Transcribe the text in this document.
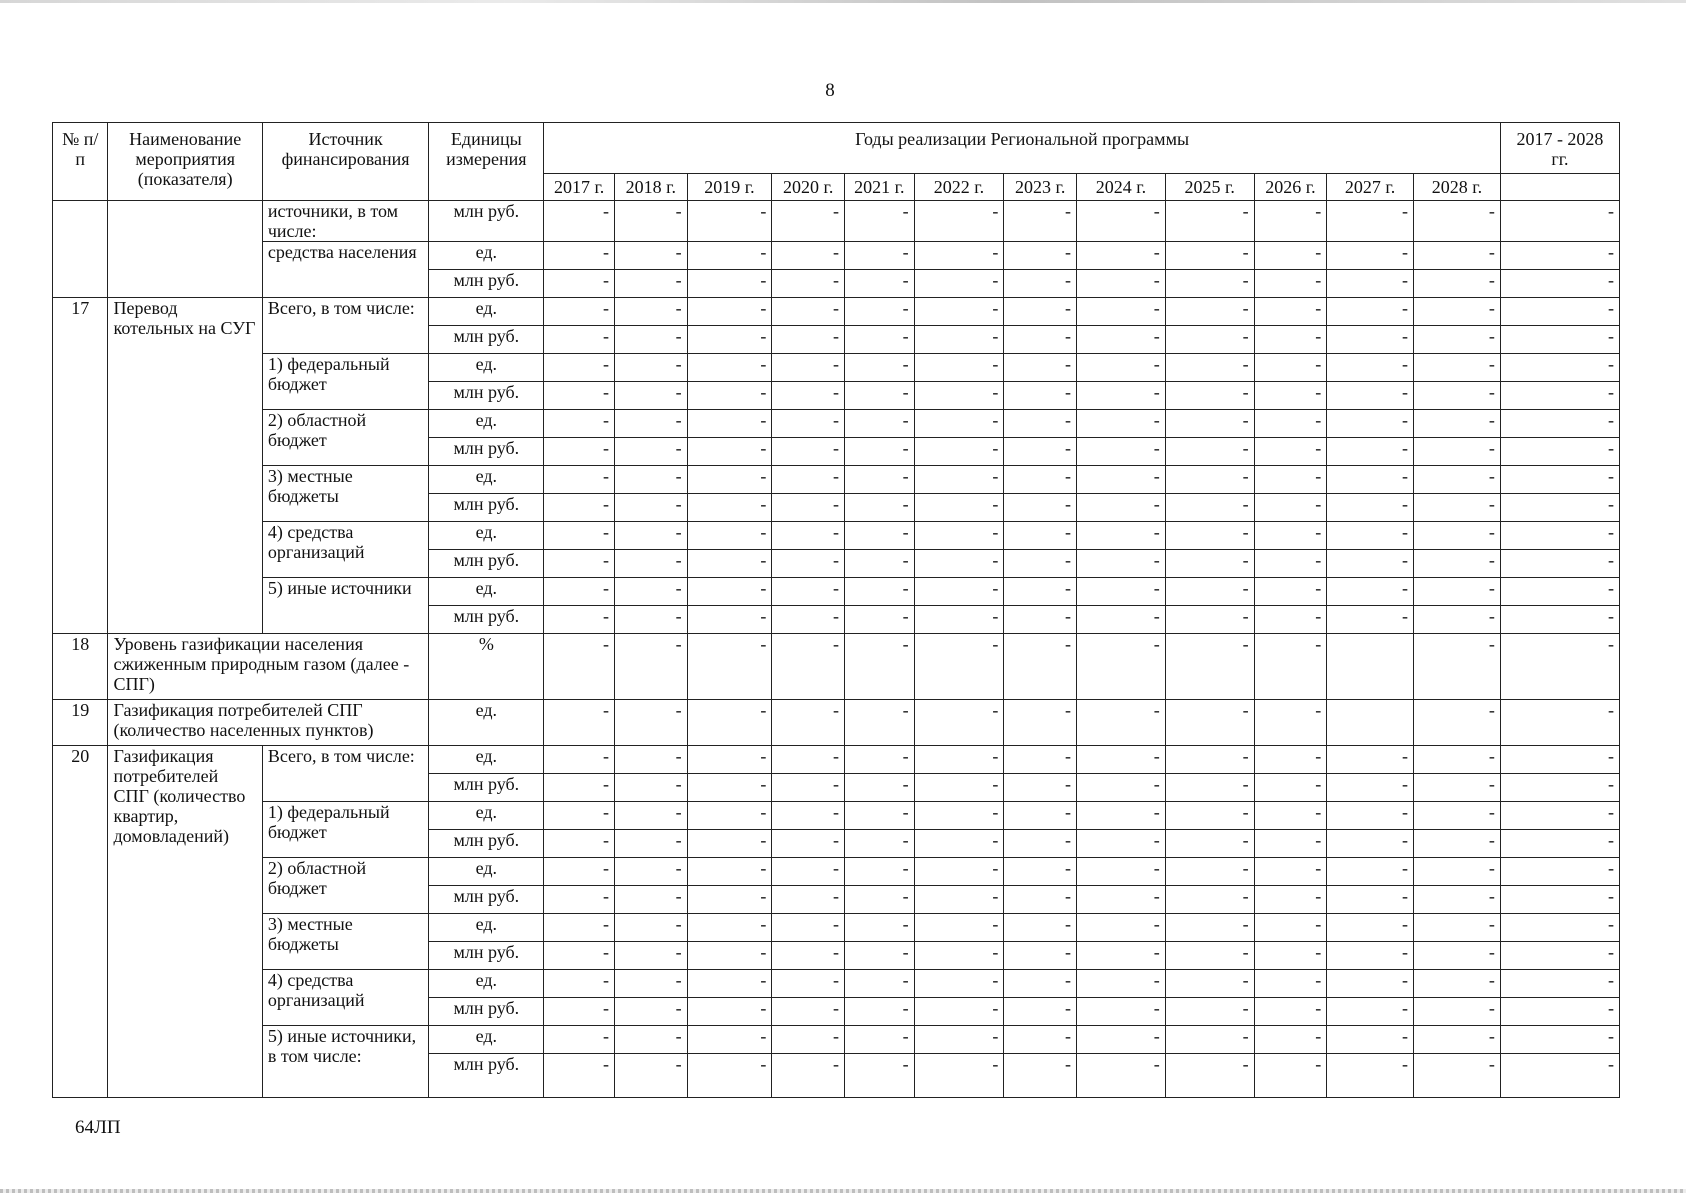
8
№ п/п	Наименование мероприятия (показателя)	Источник финансирования	Единицы измерения	Годы реализации Региональной программы												2017 - 2028 гг.
				2017 г.	2018 г.	2019 г.	2020 г.	2021 г.	2022 г.	2023 г.	2024 г.	2025 г.	2026 г.	2027 г.	2028 г.	
		источники, в том числе:	млн руб.	-	-	-	-	-	-	-	-	-	-	-	-	-
		средства населения	ед.	-	-	-	-	-	-	-	-	-	-	-	-	-
			млн руб.	-	-	-	-	-	-	-	-	-	-	-	-	-
17	Перевод котельных на СУГ	Всего, в том числе:	ед.	-	-	-	-	-	-	-	-	-	-	-	-	-
			млн руб.	-	-	-	-	-	-	-	-	-	-	-	-	-
		1) федеральный бюджет	ед.	-	-	-	-	-	-	-	-	-	-	-	-	-
			млн руб.	-	-	-	-	-	-	-	-	-	-	-	-	-
		2) областной бюджет	ед.	-	-	-	-	-	-	-	-	-	-	-	-	-
			млн руб.	-	-	-	-	-	-	-	-	-	-	-	-	-
		3) местные бюджеты	ед.	-	-	-	-	-	-	-	-	-	-	-	-	-
			млн руб.	-	-	-	-	-	-	-	-	-	-	-	-	-
		4) средства организаций	ед.	-	-	-	-	-	-	-	-	-	-	-	-	-
			млн руб.	-	-	-	-	-	-	-	-	-	-	-	-	-
		5) иные источники	ед.	-	-	-	-	-	-	-	-	-	-	-	-	-
			млн руб.	-	-	-	-	-	-	-	-	-	-	-	-	-
18	Уровень газификации населения сжиженным природным газом (далее - СПГ)		%	-	-	-	-	-	-	-	-	-	-		-	-
19	Газификация потребителей СПГ (количество населенных пунктов)		ед.	-	-	-	-	-	-	-	-	-	-		-	-
20	Газификация потребителей СПГ (количество квартир, домовладений)	Всего, в том числе:	ед.	-	-	-	-	-	-	-	-	-	-	-	-	-
			млн руб.	-	-	-	-	-	-	-	-	-	-	-	-	-
		1) федеральный бюджет	ед.	-	-	-	-	-	-	-	-	-	-	-	-	-
			млн руб.	-	-	-	-	-	-	-	-	-	-	-	-	-
		2) областной бюджет	ед.	-	-	-	-	-	-	-	-	-	-	-	-	-
			млн руб.	-	-	-	-	-	-	-	-	-	-	-	-	-
		3) местные бюджеты	ед.	-	-	-	-	-	-	-	-	-	-	-	-	-
			млн руб.	-	-	-	-	-	-	-	-	-	-	-	-	-
		4) средства организаций	ед.	-	-	-	-	-	-	-	-	-	-	-	-	-
			млн руб.	-	-	-	-	-	-	-	-	-	-	-	-	-
		5) иные источники, в том числе:	ед.	-	-	-	-	-	-	-	-	-	-	-	-	-
			млн руб.	-	-	-	-	-	-	-	-	-	-	-	-	-
64ЛП
